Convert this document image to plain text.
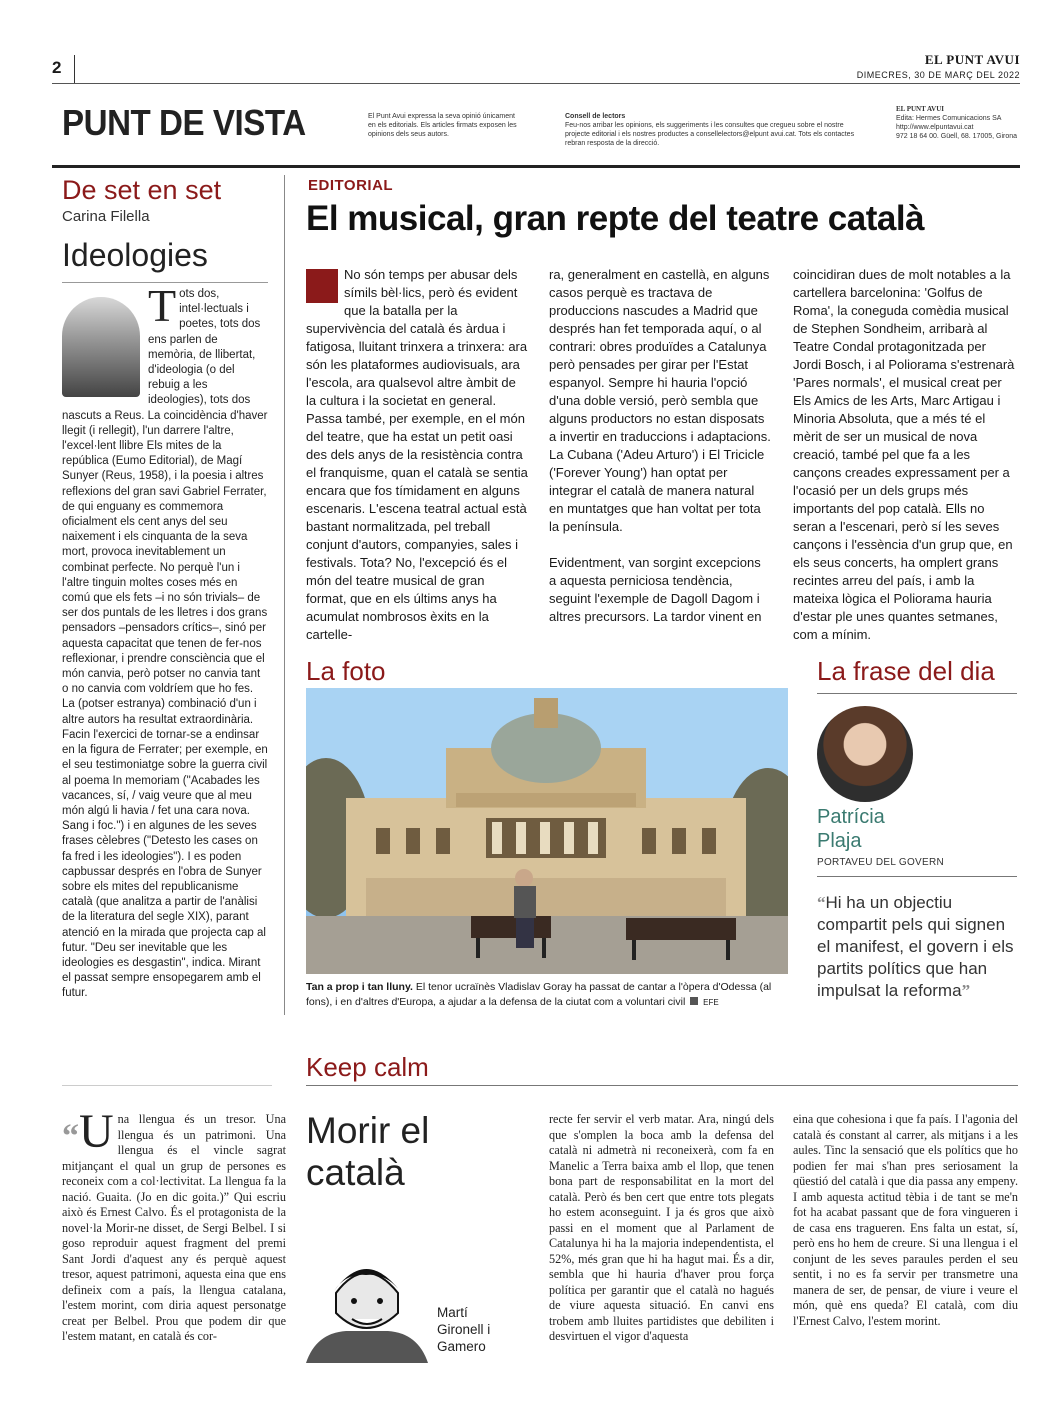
2	EL PUNT AVUI
DIMECRES, 30 DE MARÇ DEL 2022
PUNT DE VISTA	El Punt Avui expressa la seva opinió únicament en els editorials. Els articles firmats exposen les opinions dels seus autors.
Consell de lectors
Feu-nos arribar les opinions, els suggeriments i les consultes que cregueu sobre el nostre projecte editorial i els nostres productes a consellelectors@elpunt avui.cat. Tots els contactes rebran resposta de la direcció.
EL PUNT AVUI
Edita: Hermes Comunicacions SA
http://www.elpuntavui.cat
972 18 64 00. Güell, 68. 17005, Girona
De set en set
Carina Filella
Ideologies
Tots dos, intel·lectuals i poetes, tots dos ens parlen de memòria, de llibertat, d'ideologia (o del rebuig a les ideologies), tots dos nascuts a Reus. La coincidència d'haver llegit (i rellegit), l'un darrere l'altre, l'excel·lent llibre Els mites de la república (Eumo Editorial), de Magí Sunyer (Reus, 1958), i la poesia i altres reflexions del gran savi Gabriel Ferrater, de qui enguany es commemora oficialment els cent anys del seu naixement i els cinquanta de la seva mort, provoca inevitablement un combinat perfecte. No perquè l'un i l'altre tinguin moltes coses més en comú que els fets –i no són trivials– de ser dos puntals de les lletres i dos grans pensadors –pensadors crítics–, sinó per aquesta capacitat que tenen de fer-nos reflexionar, i prendre consciència que el món canvia, però potser no canvia tant o no canvia com voldríem que ho fes. La (potser estranya) combinació d'un i altre autors ha resultat extraordinària. Facin l'exercici de tornar-se a endinsar en la figura de Ferrater; per exemple, en el seu testimoniatge sobre la guerra civil al poema In memoriam ("Acabades les vacances, sí, / vaig veure que al meu món algú li havia / fet una cara nova. Sang i foc.") i en algunes de les seves frases cèlebres ("Detesto les cases on fa fred i les ideologies"). I es poden capbussar després en l'obra de Sunyer sobre els mites del republicanisme català (que analitza a partir de l'anàlisi de la literatura del segle XIX), parant atenció en la mirada que projecta cap al futur. "Deu ser inevitable que les ideologies es desgastin", indica. Mirant el passat sempre ensopegarem amb el futur.
EDITORIAL
El musical, gran repte del teatre català
No són temps per abusar dels símils bèl·lics, però és evident que la batalla per la supervivència del català és àrdua i fatigosa, lluitant trinxera a trinxera: ara són les plataformes audiovisuals, ara l'escola, ara qualsevol altre àmbit de la cultura i la societat en general. Passa també, per exemple, en el món del teatre, que ha estat un petit oasi des dels anys de la resistència contra el franquisme, quan el català se sentia encara que fos tímidament en alguns escenaris. L'escena teatral actual està bastant normalitzada, pel treball conjunt d'autors, companyies, sales i festivals. Tota? No, l'excepció és el món del teatre musical de gran format, que en els últims anys ha acumulat nombrosos èxits en la cartelle-
ra, generalment en castellà, en alguns casos perquè es tractava de produccions nascudes a Madrid que després han fet temporada aquí, o al contrari: obres produïdes a Catalunya però pensades per girar per l'Estat espanyol. Sempre hi hauria l'opció d'una doble versió, però sembla que alguns productors no estan disposats a invertir en traduccions i adaptacions. La Cubana ('Adeu Arturo') i El Tricicle ('Forever Young') han optat per integrar el català de manera natural en muntatges que han voltat per tota la península.
Evidentment, van sorgint excepcions a aquesta perniciosa tendència, seguint l'exemple de Dagoll Dagom i altres precursors. La tardor vinent en
coincidiran dues de molt notables a la cartellera barcelonina: 'Golfus de Roma', la coneguda comèdia musical de Stephen Sondheim, arribarà al Teatre Condal protagonitzada per Jordi Bosch, i al Poliorama s'estrenarà 'Pares normals', el musical creat per Els Amics de les Arts, Marc Artigau i Minoria Absoluta, que a més té el mèrit de ser un musical de nova creació, també pel que fa a les cançons creades expressament per a l'ocasió per un dels grups més importants del pop català. Ells no seran a l'escenari, però sí les seves cançons i l'essència d'un grup que, en els seus concerts, ha omplert grans recintes arreu del país, i amb la mateixa lògica el Poliorama hauria d'estar ple unes quantes setmanes, com a mínim.
La foto
Tan a prop i tan lluny. El tenor ucraïnès Vladislav Goray ha passat de cantar a l'òpera d'Odessa (al fons), i en d'altres d'Europa, a ajudar a la defensa de la ciutat com a voluntari civil EFE
La frase del dia
Patrícia
Plaja
PORTAVEU DEL GOVERN
“Hi ha un objectiu compartit pels qui signen el manifest, el govern i els partits polítics que han impulsat la reforma”
Keep calm
“U na llengua és un tresor. Una llengua és un patrimoni. Una llengua és el vincle sagrat mitjançant el qual un grup de persones es reconeix com a col·lectivitat. La llengua fa la nació. Guaita. (Jo en dic goita.)” Qui escriu això és Ernest Calvo. És el protagonista de la novel·la Morir-ne disset, de Sergi Belbel. I si goso reproduir aquest fragment del premi Sant Jordi d'aquest any és perquè aquest tresor, aquest patrimoni, aquesta eina que ens defineix com a país, la llengua catalana, l'estem morint, com diria aquest personatge creat per Belbel. Prou que podem dir que l'estem matant, en català és cor-
Morir el català
Martí
Gironell i
Gamero
recte fer servir el verb matar. Ara, ningú dels que s'omplen la boca amb la defensa del català ni admetrà ni reconeixerà, com fa en Manelic a Terra baixa amb el llop, que tenen bona part de responsabilitat en la mort del català. Però és ben cert que entre tots plegats ho estem aconseguint. I ja és gros que això passi en el moment que al Parlament de Catalunya hi ha la majoria independentista, el 52%, més gran que hi ha hagut mai. És a dir, sembla que hi hauria d'haver prou força política per garantir que el català no hagués de viure aquesta situació. En canvi ens trobem amb lluites partidistes que debiliten i desvirtuen el vigor d'aquesta
eina que cohesiona i que fa país. I l'agonia del català és constant al carrer, als mitjans i a les aules. Tinc la sensació que els polítics que ho podien fer mai s'han pres seriosament la qüestió del català i que dia passa any empeny. I amb aquesta actitud tèbia i de tant se me'n fot ha acabat passant que de fora vingueren i de casa ens tragueren. Ens falta un estat, sí, però ens ho hem de creure. Si una llengua i el conjunt de les seves paraules perden el seu sentit, i no es fa servir per transmetre una manera de ser, de pensar, de viure i veure el món, què ens queda? El català, com diu l'Ernest Calvo, l'estem morint.
